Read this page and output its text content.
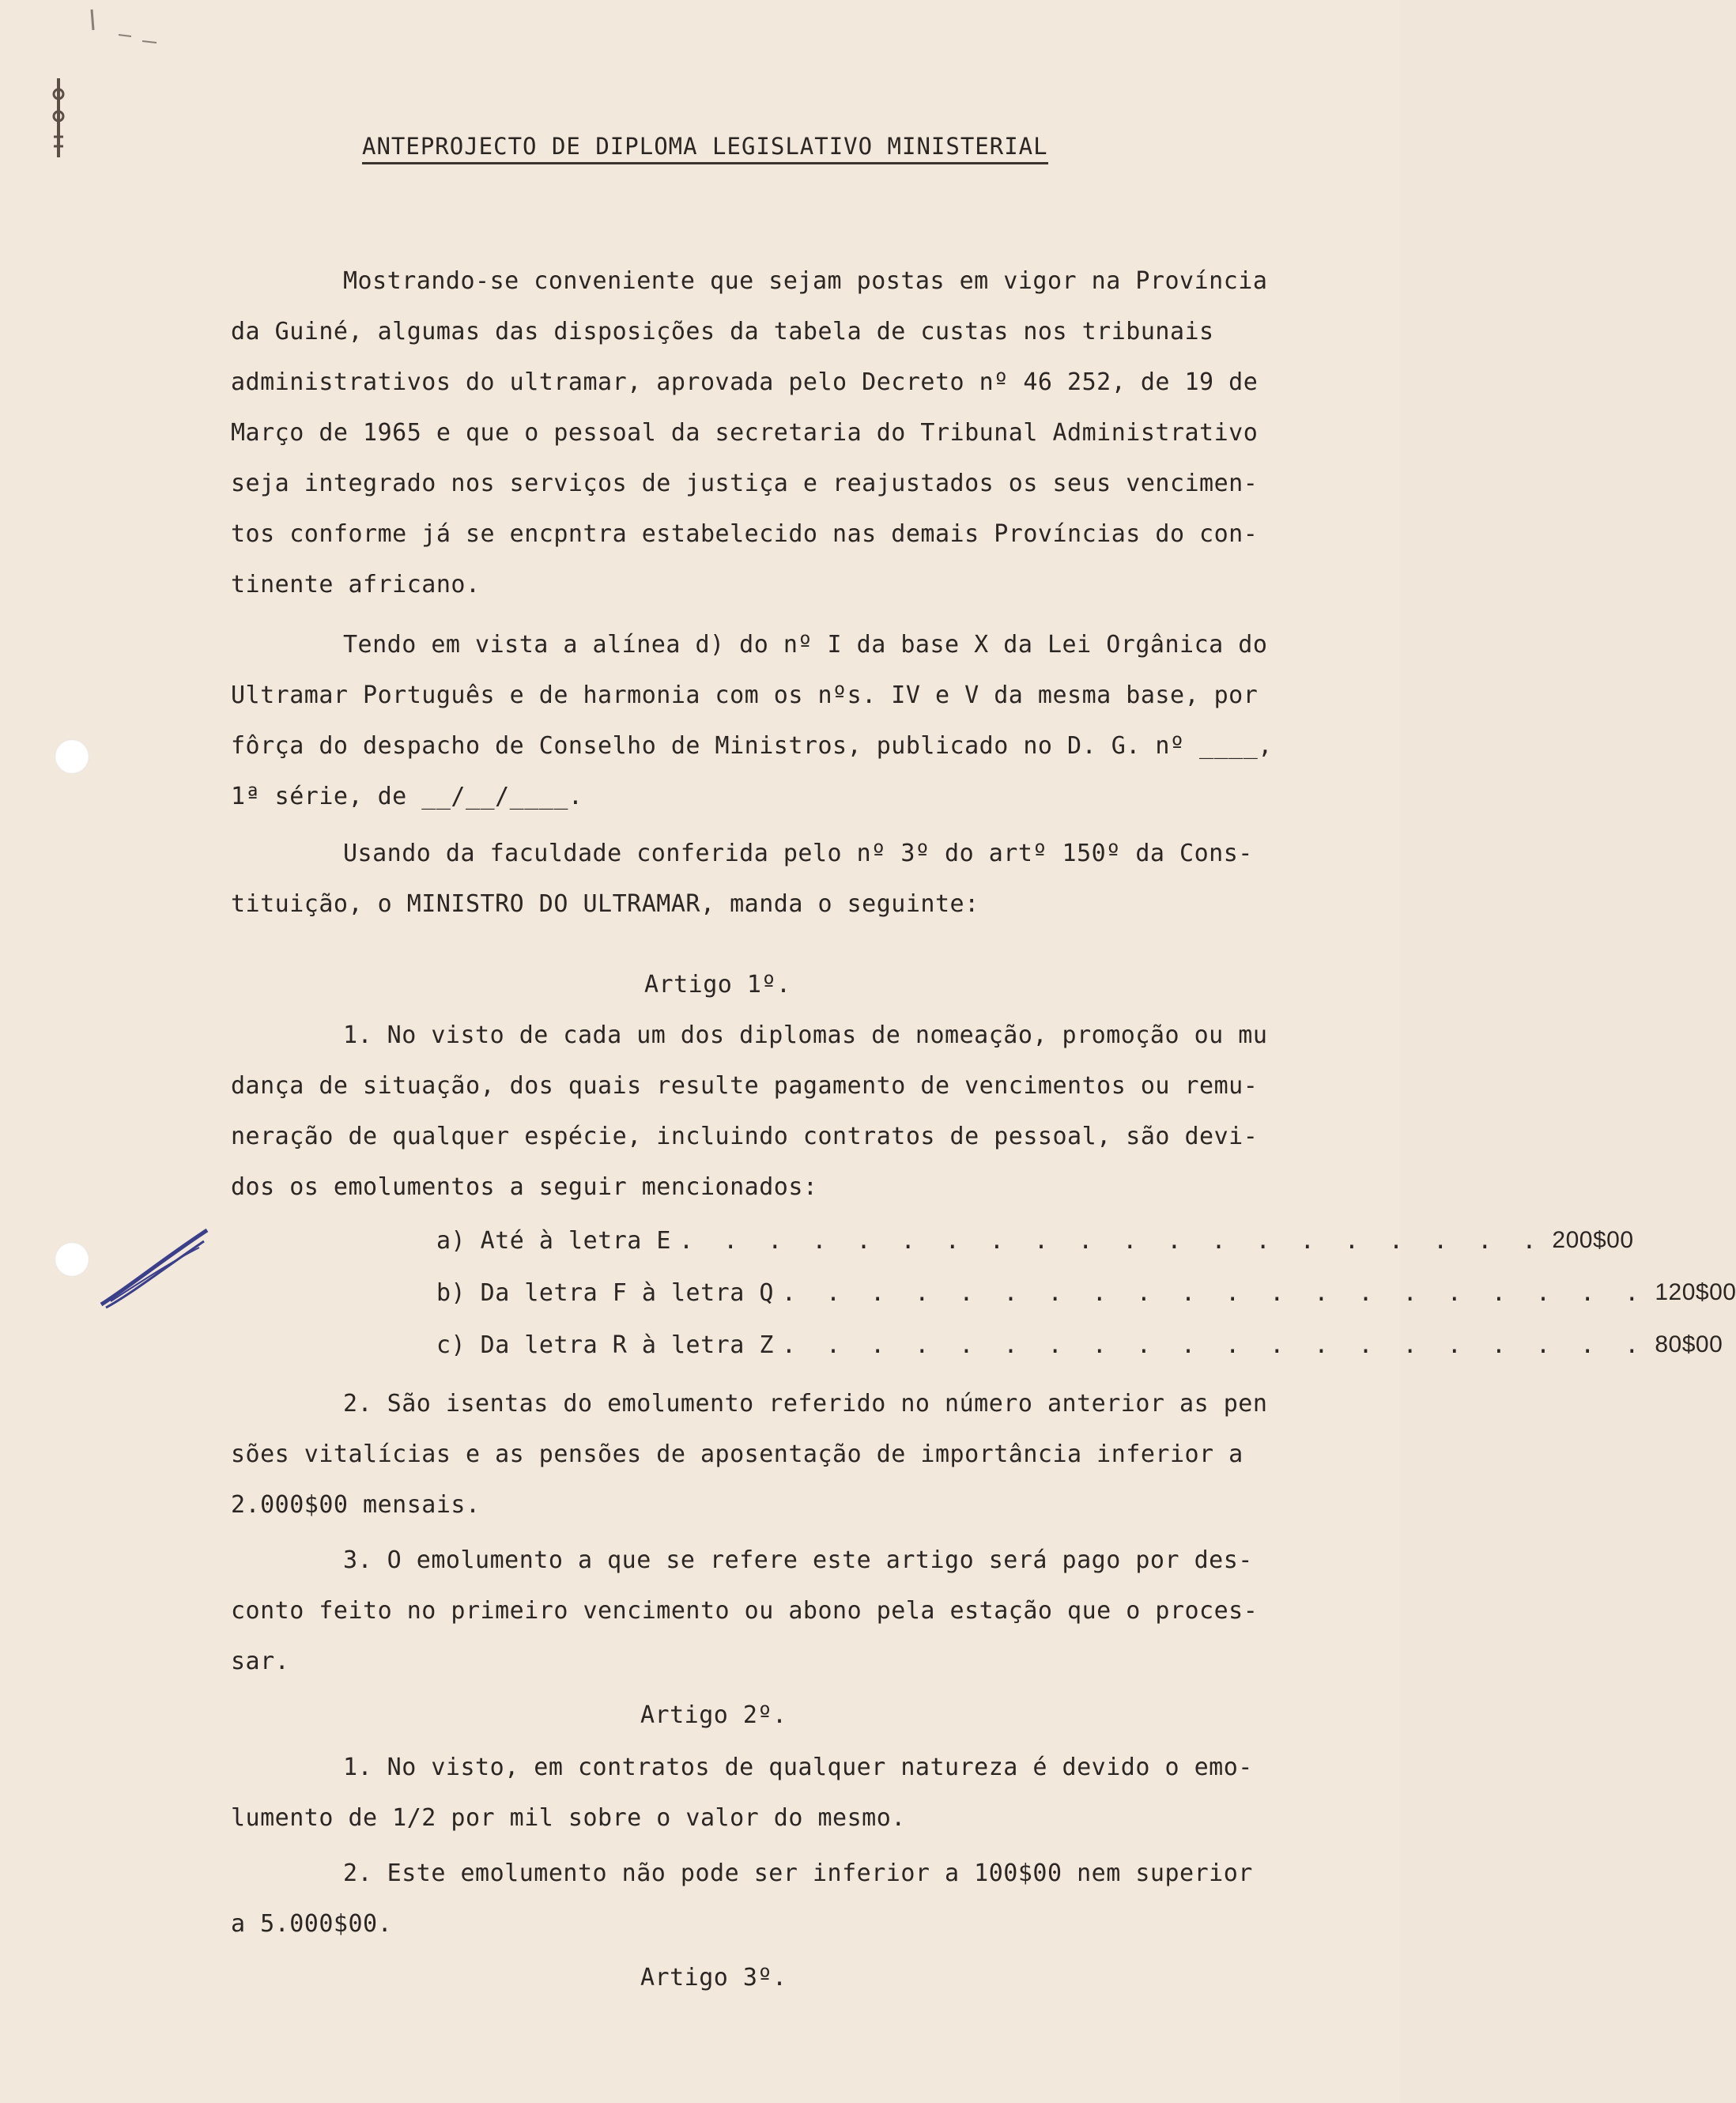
ANTEPROJECTO DE DIPLOMA LEGISLATIVO MINISTERIAL
Mostrando-se conveniente que sejam postas em vigor na Província
da Guiné, algumas das disposições da tabela de custas nos tribunais
administrativos do ultramar, aprovada pelo Decreto nº 46 252, de 19 de
Março de 1965 e que o pessoal da secretaria do Tribunal Administrativo
seja integrado nos serviços de justiça e reajustados os seus vencimen-
tos conforme já se encpntra estabelecido nas demais Províncias do con-
tinente africano.
Tendo em vista a alínea d) do nº I da base X da Lei Orgânica do
Ultramar Português e de harmonia com os nºs. IV e V da mesma base, por
fôrça do despacho de Conselho de Ministros, publicado no D. G. nº ____,
1ª série, de __/__/____.
Usando da faculdade conferida pelo nº 3º do artº 150º da Cons-
tituição, o MINISTRO DO ULTRAMAR, manda o seguinte:
Artigo 1º.
1. No visto de cada um dos diplomas de nomeação, promoção ou mu
dança de situação, dos quais resulte pagamento de vencimentos ou remu-
neração de qualquer espécie, incluindo contratos de pessoal, são devi-
dos os emolumentos a seguir mencionados:
a) Até à letra E . . . . . . . . . . . . . . . . . . . . 200$00
b) Da letra F à letra Q . . . . . . . . . . . . . . . . . . . . 120$00
c) Da letra R à letra Z . . . . . . . . . . . . . . . . . . . . 80$00
2. São isentas do emolumento referido no número anterior as pen
sões vitalícias e as pensões de aposentação de importância inferior a
2.000$00 mensais.
3. O emolumento a que se refere este artigo será pago por des-
conto feito no primeiro vencimento ou abono pela estação que o proces-
sar.
Artigo 2º.
1. No visto, em contratos de qualquer natureza é devido o emo-
lumento de 1/2 por mil sobre o valor do mesmo.
2. Este emolumento não pode ser inferior a 100$00 nem superior
a 5.000$00.
Artigo 3º.
